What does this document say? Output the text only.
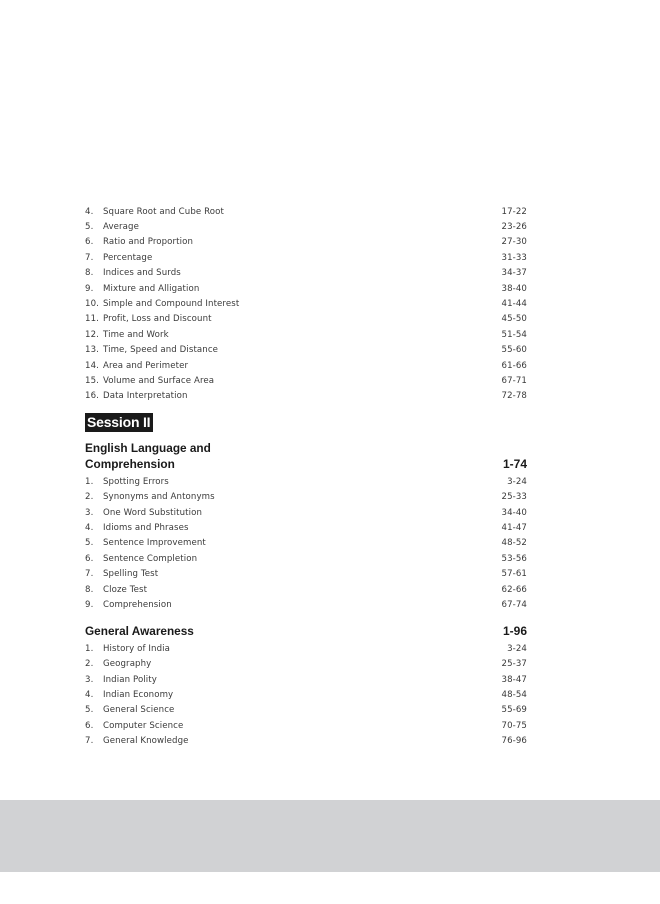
4.	Square Root and Cube Root	17-22
5.	Average	23-26
6.	Ratio and Proportion	27-30
7.	Percentage	31-33
8.	Indices and Surds	34-37
9.	Mixture and Alligation	38-40
10. Simple and Compound Interest	41-44
11. Profit, Loss and Discount	45-50
12. Time and Work	51-54
13. Time, Speed and Distance	55-60
14. Area and Perimeter	61-66
15. Volume and Surface Area	67-71
16. Data Interpretation	72-78
Session II
English Language and
Comprehension	1-74
1.	Spotting Errors	3-24
2.	Synonyms and Antonyms	25-33
3.	One Word Substitution	34-40
4.	Idioms and Phrases	41-47
5.	Sentence Improvement	48-52
6.	Sentence Completion	53-56
7.	Spelling Test	57-61
8.	Cloze Test	62-66
9.	Comprehension	67-74
General Awareness	1-96
1.	History of India	3-24
2.	Geography	25-37
3.	Indian Polity	38-47
4.	Indian Economy	48-54
5.	General Science	55-69
6.	Computer Science	70-75
7.	General Knowledge	76-96
